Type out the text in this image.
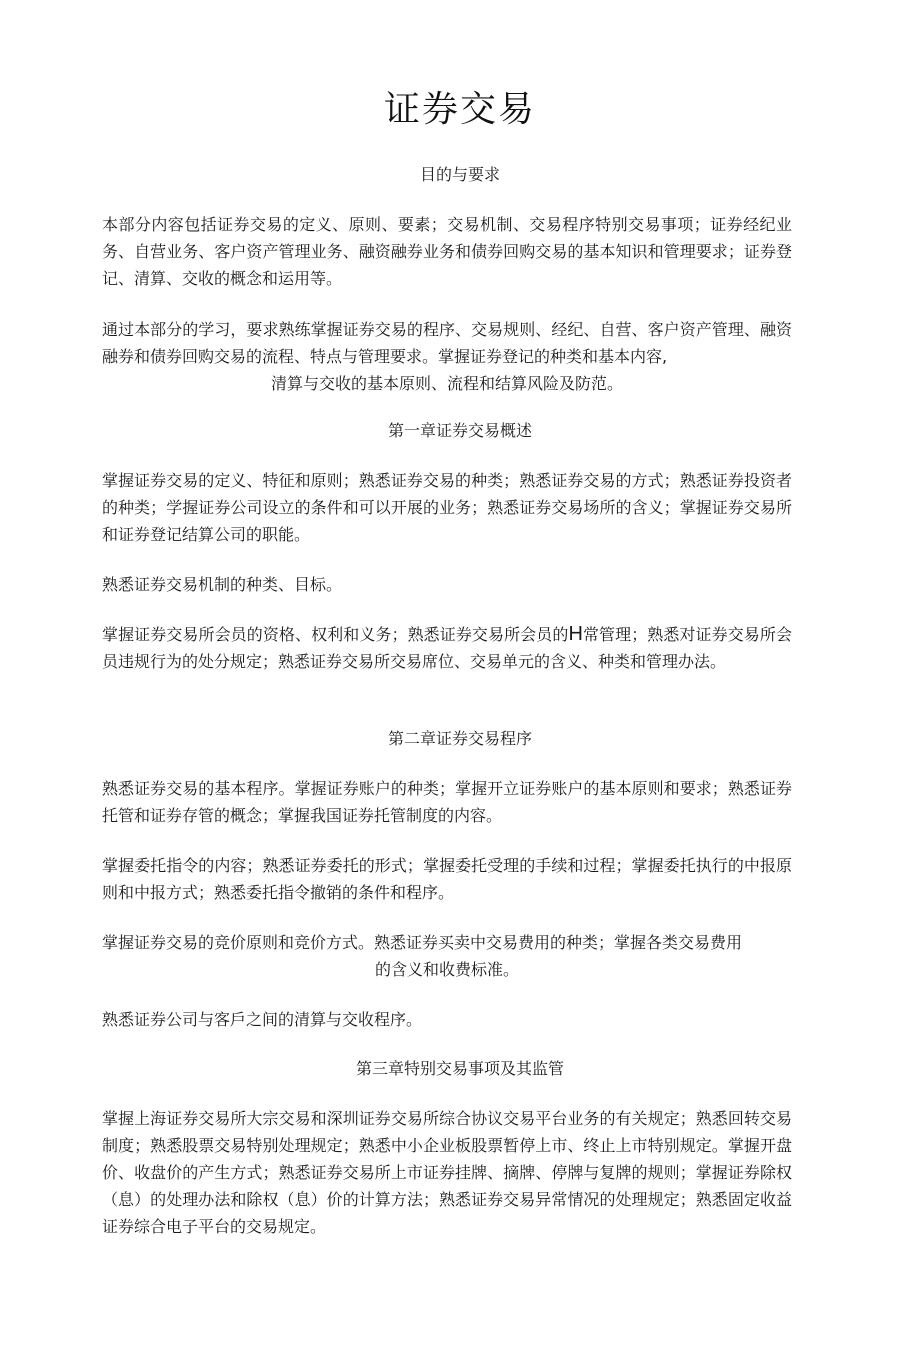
证券交易
目的与要求
本部分内容包括证券交易的定义、原则、要素；交易机制、交易程序特别交易事项；证券经纪业务、自营业务、客户资产管理业务、融资融券业务和债券回购交易的基本知识和管理要求；证券登记、清算、交收的概念和运用等。
通过本部分的学习，要求熟练掌握证券交易的程序、交易规则、经纪、自营、客户资产管理、融资融券和债券回购交易的流程、特点与管理要求。掌握证券登记的种类和基本内容,
清算与交收的基本原则、流程和结算风险及防范。
第一章证券交易概述
掌握证券交易的定义、特征和原则；熟悉证券交易的种类；熟悉证券交易的方式；熟悉证券投资者的种类；学握证券公司设立的条件和可以开展的业务；熟悉证券交易场所的含义；掌握证券交易所和证券登记结算公司的职能。
熟悉证券交易机制的种类、目标。
掌握证券交易所会员的资格、权利和义务；熟悉证券交易所会员的H常管理；熟悉对证券交易所会员违规行为的处分规定；熟悉证券交易所交易席位、交易单元的含义、种类和管理办法。
第二章证券交易程序
熟悉证券交易的基本程序。掌握证券账户的种类；掌握开立证券账户的基本原则和要求；熟悉证券托管和证券存管的概念；掌握我国证券托管制度的内容。
掌握委托指令的内容；熟悉证券委托的形式；掌握委托受理的手续和过程；掌握委托执行的中报原则和中报方式；熟悉委托指令撤销的条件和程序。
掌握证券交易的竞价原则和竞价方式。熟悉证券买卖中交易费用的种类；掌握各类交易费用
的含义和收费标准。
熟悉证券公司与客戶之间的清算与交收程序。
第三章特别交易事项及其监管
掌握上海证券交易所大宗交易和深圳证券交易所综合协议交易平台业务的有关规定；熟悉回转交易制度；熟悉股票交易特别处理规定；熟悉中小企业板股票暂停上市、终止上市特别规定。掌握开盘价、收盘价的产生方式；熟悉证券交易所上市证券挂牌、摘牌、停牌与复牌的规则；掌握证券除权（息）的处理办法和除权（息）价的计算方法；熟悉证券交易异常情况的处理规定；熟悉固定收益证券综合电子平台的交易规定。
